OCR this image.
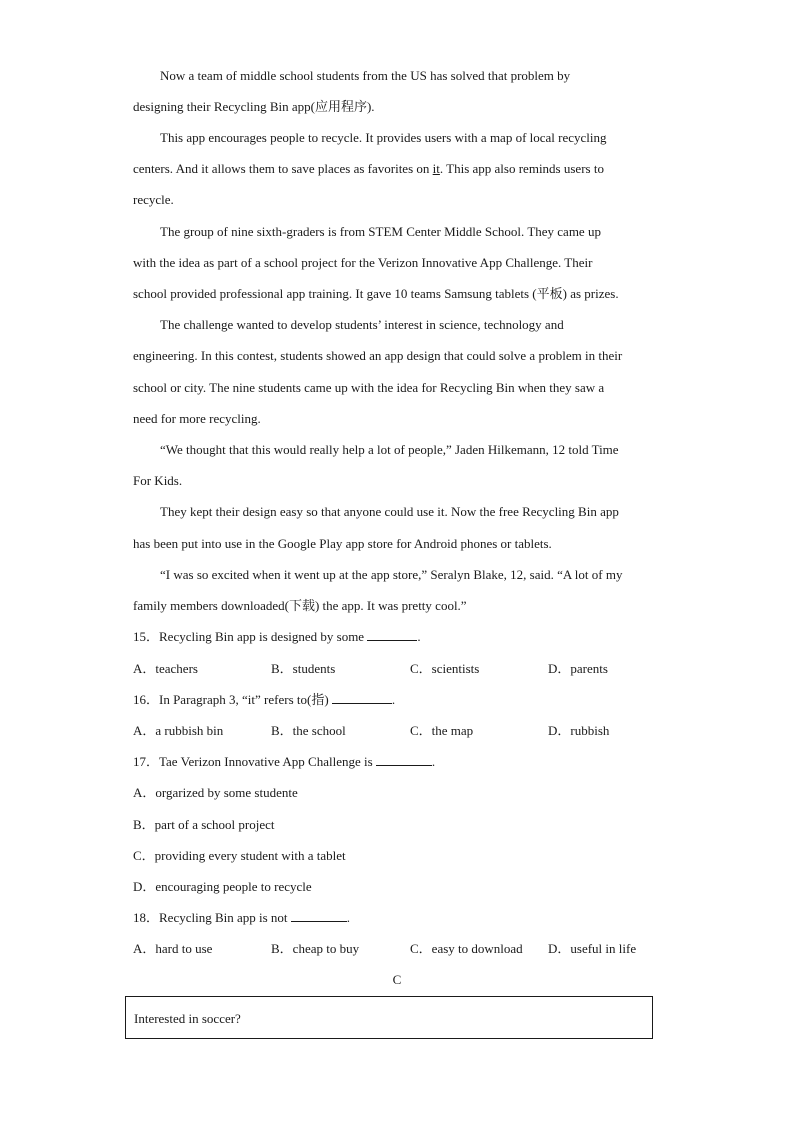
Now a team of middle school students from the US has solved that problem by
designing their Recycling Bin app(应用程序).
This app encourages people to recycle. It provides users with a map of local recycling
centers. And it allows them to save places as favorites on it. This app also reminds users to
recycle.
The group of nine sixth-graders is from STEM Center Middle School. They came up
with the idea as part of a school project for the Verizon Innovative App Challenge. Their
school provided professional app training. It gave 10 teams Samsung tablets (平板) as prizes.
The challenge wanted to develop students’ interest in science, technology and
engineering. In this contest, students showed an app design that could solve a problem in their
school or city. The nine students came up with the idea for Recycling Bin when they saw a
need for more recycling.
“We thought that this would really help a lot of people,” Jaden Hilkemann, 12 told Time
For Kids.
They kept their design easy so that anyone could use it. Now the free Recycling Bin app
has been put into use in the Google Play app store for Android phones or tablets.
“I was so excited when it went up at the app store,” Seralyn Blake, 12, said. “A lot of my
family members downloaded(下载) the app. It was pretty cool.”
15．Recycling Bin app is designed by some	.
A．teachers	B．students	C．scientists	D．parents
16．In Paragraph 3, “it” refers to(指)	.
A．a rubbish bin	B．the school	C．the map	D．rubbish
17．Tae Verizon Innovative App Challenge is	.
A．orgarized by some studente
B．part of a school project
C．providing every student with a tablet
D．encouraging people to recycle
18．Recycling Bin app is not	.
A．hard to use	B．cheap to buy	C．easy to download D．useful in life
C
Interested in soccer?
